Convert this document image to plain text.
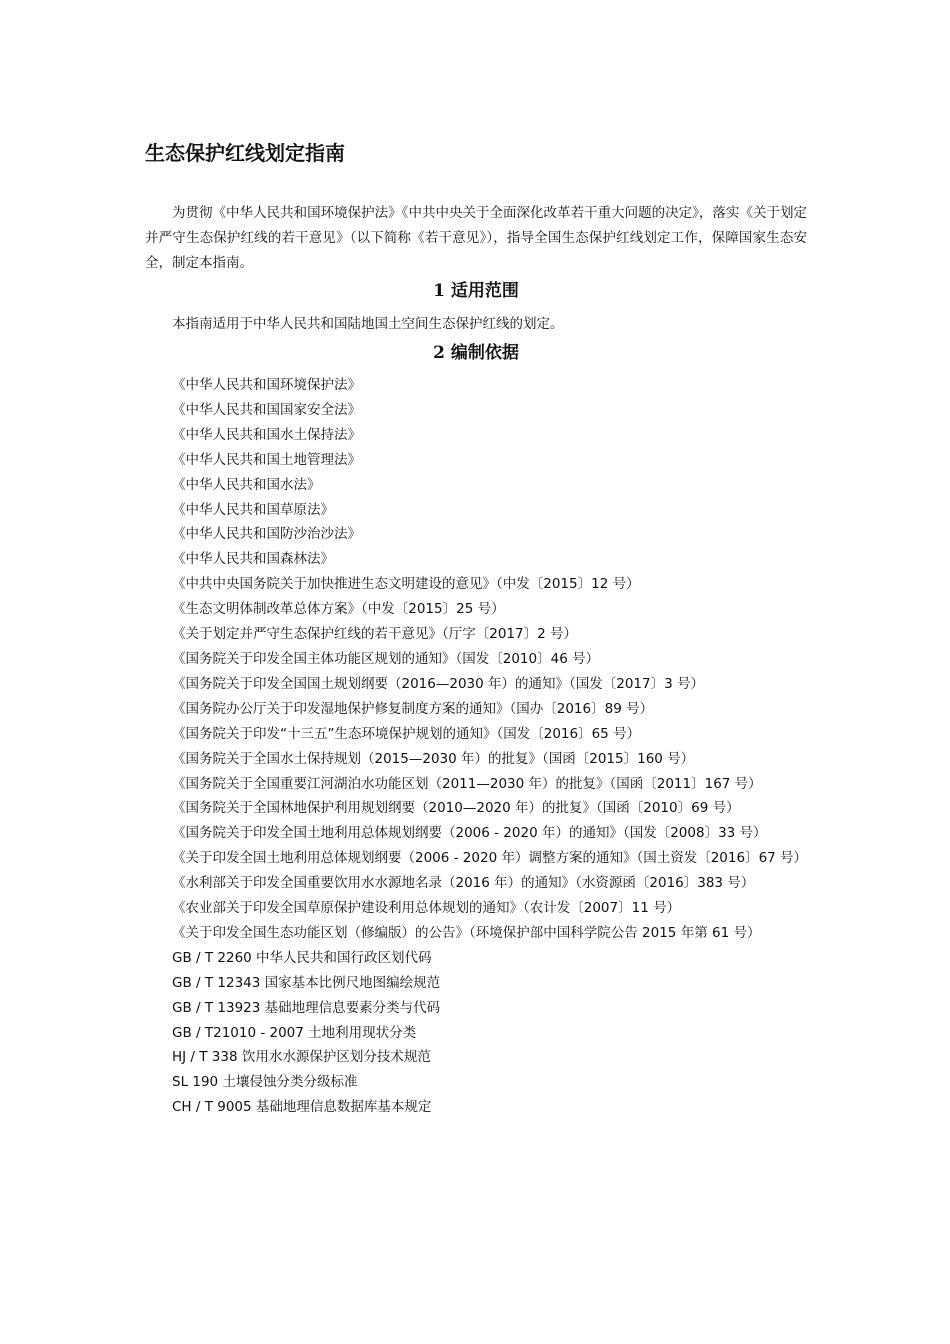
生态保护红线划定指南

为贯彻《中华人民共和国环境保护法》《中共中央关于全面深化改革若干重大问题的决定》，落实《关于划定并严守生态保护红线的若干意见》（以下简称《若干意见》），指导全国生态保护红线划定工作，保障国家生态安全，制定本指南。

1 适用范围

本指南适用于中华人民共和国陆地国土空间生态保护红线的划定。

2 编制依据
《中华人民共和国环境保护法》
《中华人民共和国国家安全法》
《中华人民共和国水土保持法》
《中华人民共和国土地管理法》
《中华人民共和国水法》
《中华人民共和国草原法》
《中华人民共和国防沙治沙法》
《中华人民共和国森林法》
《中共中央国务院关于加快推进生态文明建设的意见》（中发〔2015〕12 号）
《生态文明体制改革总体方案》（中发〔2015〕25 号）
《关于划定并严守生态保护红线的若干意见》（厅字〔2017〕2 号）
《国务院关于印发全国主体功能区规划的通知》（国发〔2010〕46 号）
《国务院关于印发全国国土规划纲要（2016—2030 年）的通知》（国发〔2017〕3 号）
《国务院办公厅关于印发湿地保护修复制度方案的通知》（国办〔2016〕89 号）
《国务院关于印发“十三五”生态环境保护规划的通知》（国发〔2016〕65 号）
《国务院关于全国水土保持规划（2015—2030 年）的批复》（国函〔2015〕160 号）
《国务院关于全国重要江河湖泊水功能区划（2011—2030 年）的批复》（国函〔2011〕167 号）
《国务院关于全国林地保护利用规划纲要（2010—2020 年）的批复》（国函〔2010〕69 号）
《国务院关于印发全国土地利用总体规划纲要（2006 - 2020 年）的通知》（国发〔2008〕33 号）
《关于印发全国土地利用总体规划纲要（2006 - 2020 年）调整方案的通知》（国土资发〔2016〕67 号）
《水利部关于印发全国重要饮用水水源地名录（2016 年）的通知》（水资源函〔2016〕383 号）
《农业部关于印发全国草原保护建设利用总体规划的通知》（农计发〔2007〕11 号）
《关于印发全国生态功能区划（修编版）的公告》（环境保护部中国科学院公告 2015 年第 61 号）
GB / T 2260 中华人民共和国行政区划代码
GB / T 12343 国家基本比例尺地图编绘规范
GB / T 13923 基础地理信息要素分类与代码
GB / T21010 - 2007 土地利用现状分类
HJ / T 338 饮用水水源保护区划分技术规范
SL 190 土壤侵蚀分类分级标准
CH / T 9005 基础地理信息数据库基本规定
